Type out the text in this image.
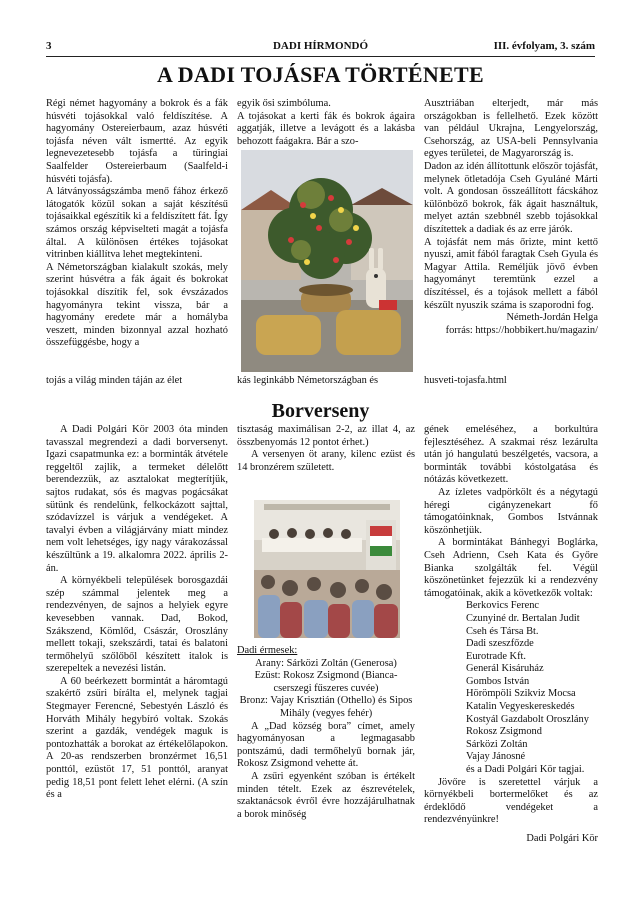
3	DADI HÍRMONDÓ	III. évfolyam, 3. szám
A DADI TOJÁSFA TÖRTÉNETE

Régi német hagyomány a bokrok és a fák húsvéti tojásokkal való feldíszítése. A hagyomány Ostereierbaum, azaz húsvéti tojásfa néven vált ismertté. Az egyik legnevezetesebb tojásfa a türingiai Saalfelder Ostereierbaum (Saalfeld-i húsvéti tojásfa).

A látványosságszámba menő fához érkező látogatók közül sokan a saját készítésű tojásaikkal egészítik ki a feldíszített fát. Így számos ország képviselteti magát a tojásfa által. A különösen értékes tojásokat vitrinben kiállítva lehet megtekinteni.

A Németországban kialakult szokás, mely szerint húsvétra a fák ágait és bokrokat tojásokkal díszítik fel, sok évszázados hagyományra tekint vissza, bár a hagyomány eredete már a homályba veszett, minden bizonnyal azzal hozható összefüggésbe, hogy a

egyik ősi szimbóluma.
A tojásokat a kerti fák és bokrok ágaira aggatják, illetve a levágott és a lakásba behozott faágakra. Bár a szo-

Ausztriában elterjedt, már más országokban is fellelhető. Ezek között van például Ukrajna, Lengyelország, Csehország, az USA-beli Pennsylvania egyes területei, de Magyarország is.

Dadon az idén állítottunk először tojásfát, melynek ötletadója Cseh Gyuláné Márti volt. A gondosan összeállított fácskához különböző bokrok, fák ágait használtuk, melyet aztán szebbnél szebb tojásokkal díszítettek a dadiak és az erre járók.

A tojásfát nem más őrizte, mint kettő nyuszi, amit fából faragtak Cseh Gyula és Magyar Attila. Reméljük jövő évben hagyományt teremtünk ezzel a díszítéssel, és a tojások mellett a fából készült nyuszik száma is szaporodni fog.

Németh-Jordán Helga

forrás: https://hobbikert.hu/magazin/

tojás a világ minden táján az élet	kás leginkább Németországban és	husveti-tojasfa.html
Borverseny

A Dadi Polgári Kör 2003 óta minden tavasszal megrendezi a dadi borversenyt. Igazi csapatmunka ez: a borminták átvétele reggeltől zajlik, a termeket délelőtt berendezzük, az asztalokat megterítjük, sajtos rudakat, sós és magvas pogácsákat sütünk és rendelünk, felkockázott sajttal, szódavízzel is várjuk a vendégeket. A tavalyi évben a világjárvány miatt mindez nem volt lehetséges, így nagy várakozással készültünk a 19. alkalomra 2022. április 2-án.

A környékbeli települések borosgazdái szép számmal jelentek meg a rendezvényen, de sajnos a helyiek egyre kevesebben vannak. Dad, Bokod, Szákszend, Kömlőd, Császár, Oroszlány mellett tokaji, szekszárdi, tatai és balatoni termőhelyű szőlőből készített italok is szerepeltek a nevezési listán.

A 60 beérkezett bormintát a háromtagú szakértő zsűri bírálta el, melynek tagjai Stegmayer Ferencné, Sebestyén László és Horváth Mihály hegybíró voltak. Szokás szerint a gazdák, vendégek maguk is pontozhatták a borokat az értékelőlapokon. A 20-as rendszerben bronzérmet 16,51 ponttól, ezüstöt 17, 51 ponttól, aranyat pedig 18,51 pont felett lehet elérni. (A szín és a

tisztaság maximálisan 2-2, az illat 4, az összbenyomás 12 pontot érhet.)

A versenyen öt arany, kilenc ezüst és 14 bronzérem született.

Dadi érmesek:

Arany: Sárközi Zoltán (Generosa)

Ezüst: Rokosz Zsigmond (Bianca-cserszegi fűszeres cuvée)

Bronz: Vajay Krisztián (Othello) és Sipos Mihály (vegyes fehér)

A „Dad község bora” címet, amely hagyományosan a legmagasabb pontszámú, dadi termőhelyű bornak jár, Rokosz Zsigmond vehette át.

A zsűri egyenként szóban is értékelt minden tételt. Ezek az észrevételek, szaktanácsok évről évre hozzájárulhatnak a borok minőség

gének emeléséhez, a borkultúra fejlesztéséhez. A szakmai rész lezárulta után jó hangulatú beszélgetés, vacsora, a borminták további kóstolgatása és nótázás következett.

Az ízletes vadpörkölt és a négytagú héregi cigányzenekart fő támogatóinknak, Gombos Istvánnak köszönhetjük.

A bormintákat Bánhegyi Boglárka, Cseh Adrienn, Cseh Kata és Győre Bianka szolgálták fel. Végül köszönetünket fejezzük ki a rendezvény támogatóinak, akik a következők voltak:

Berkovics Ferenc
Czunyiné dr. Bertalan Judit
Cseh és Társa Bt.
Dadi szeszfőzde
Eurotrade Kft.
Generál Kisáruház
Gombos István
Hörömpöli Szikviz Mocsa
Katalin Vegyeskereskedés
Kostyál Gazdabolt Oroszlány
Rokosz Zsigmond
Sárközi Zoltán
Vajay Jánosné
és a Dadi Polgári Kör tagjai.

Jövőre is szeretettel várjuk a környékbeli bortermelőket és az érdeklődő vendégeket a rendezvényünkre!

Dadi Polgári Kör
